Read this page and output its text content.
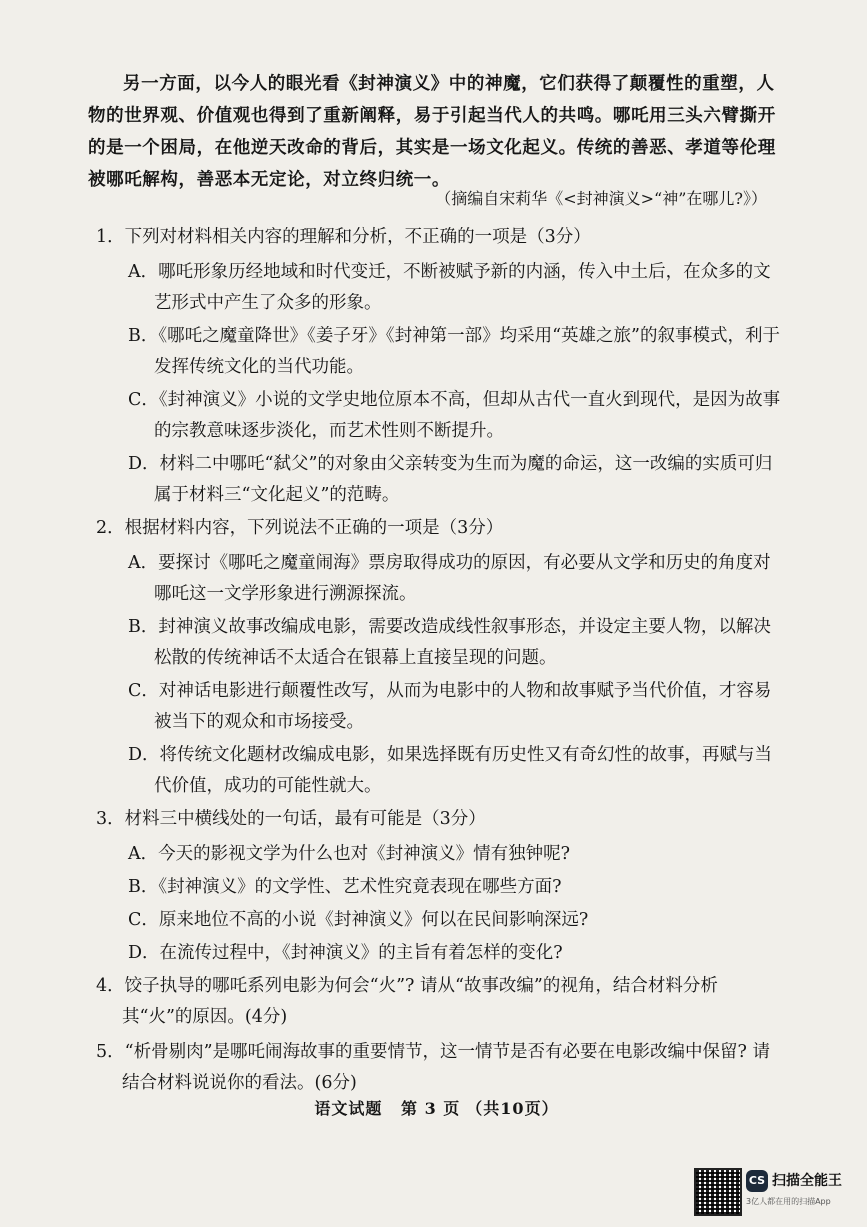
另一方面，以今人的眼光看《封神演义》中的神魔，它们获得了颠覆性的重塑，人物的世界观、价值观也得到了重新阐释，易于引起当代人的共鸣。哪吒用三头六臂撕开的是一个困局，在他逆天改命的背后，其实是一场文化起义。传统的善恶、孝道等伦理被哪吒解构，善恶本无定论，对立终归统一。

（摘编自宋莉华《<封神演义>“神”在哪儿?》）

1．下列对材料相关内容的理解和分析，不正确的一项是（3分）

A．哪吒形象历经地域和时代变迁，不断被赋予新的内涵，传入中土后，在众多的文艺形式中产生了众多的形象。

B．《哪吒之魔童降世》《姜子牙》《封神第一部》均采用“英雄之旅”的叙事模式，利于发挥传统文化的当代功能。

C．《封神演义》小说的文学史地位原本不高，但却从古代一直火到现代，是因为故事的宗教意味逐步淡化，而艺术性则不断提升。

D．材料二中哪吒“弑父”的对象由父亲转变为生而为魔的命运，这一改编的实质可归属于材料三“文化起义”的范畴。

2．根据材料内容，下列说法不正确的一项是（3分）

A．要探讨《哪吒之魔童闹海》票房取得成功的原因，有必要从文学和历史的角度对哪吒这一文学形象进行溯源探流。

B．封神演义故事改编成电影，需要改造成线性叙事形态，并设定主要人物，以解决松散的传统神话不太适合在银幕上直接呈现的问题。

C．对神话电影进行颠覆性改写，从而为电影中的人物和故事赋予当代价值，才容易被当下的观众和市场接受。

D．将传统文化题材改编成电影，如果选择既有历史性又有奇幻性的故事，再赋与当代价值，成功的可能性就大。

3．材料三中横线处的一句话，最有可能是（3分）

A．今天的影视文学为什么也对《封神演义》情有独钟呢?

B．《封神演义》的文学性、艺术性究竟表现在哪些方面?

C．原来地位不高的小说《封神演义》何以在民间影响深远?

D．在流传过程中，《封神演义》的主旨有着怎样的变化?

4．饺子执导的哪吒系列电影为何会“火”? 请从“故事改编”的视角，结合材料分析其“火”的原因。(4分)

5．“析骨剔肉”是哪吒闹海故事的重要情节，这一情节是否有必要在电影改编中保留? 请结合材料说说你的看法。(6分)

语文试题 第 3 页 （共10页）
CS 扫描全能王
3亿人都在用的扫描App
